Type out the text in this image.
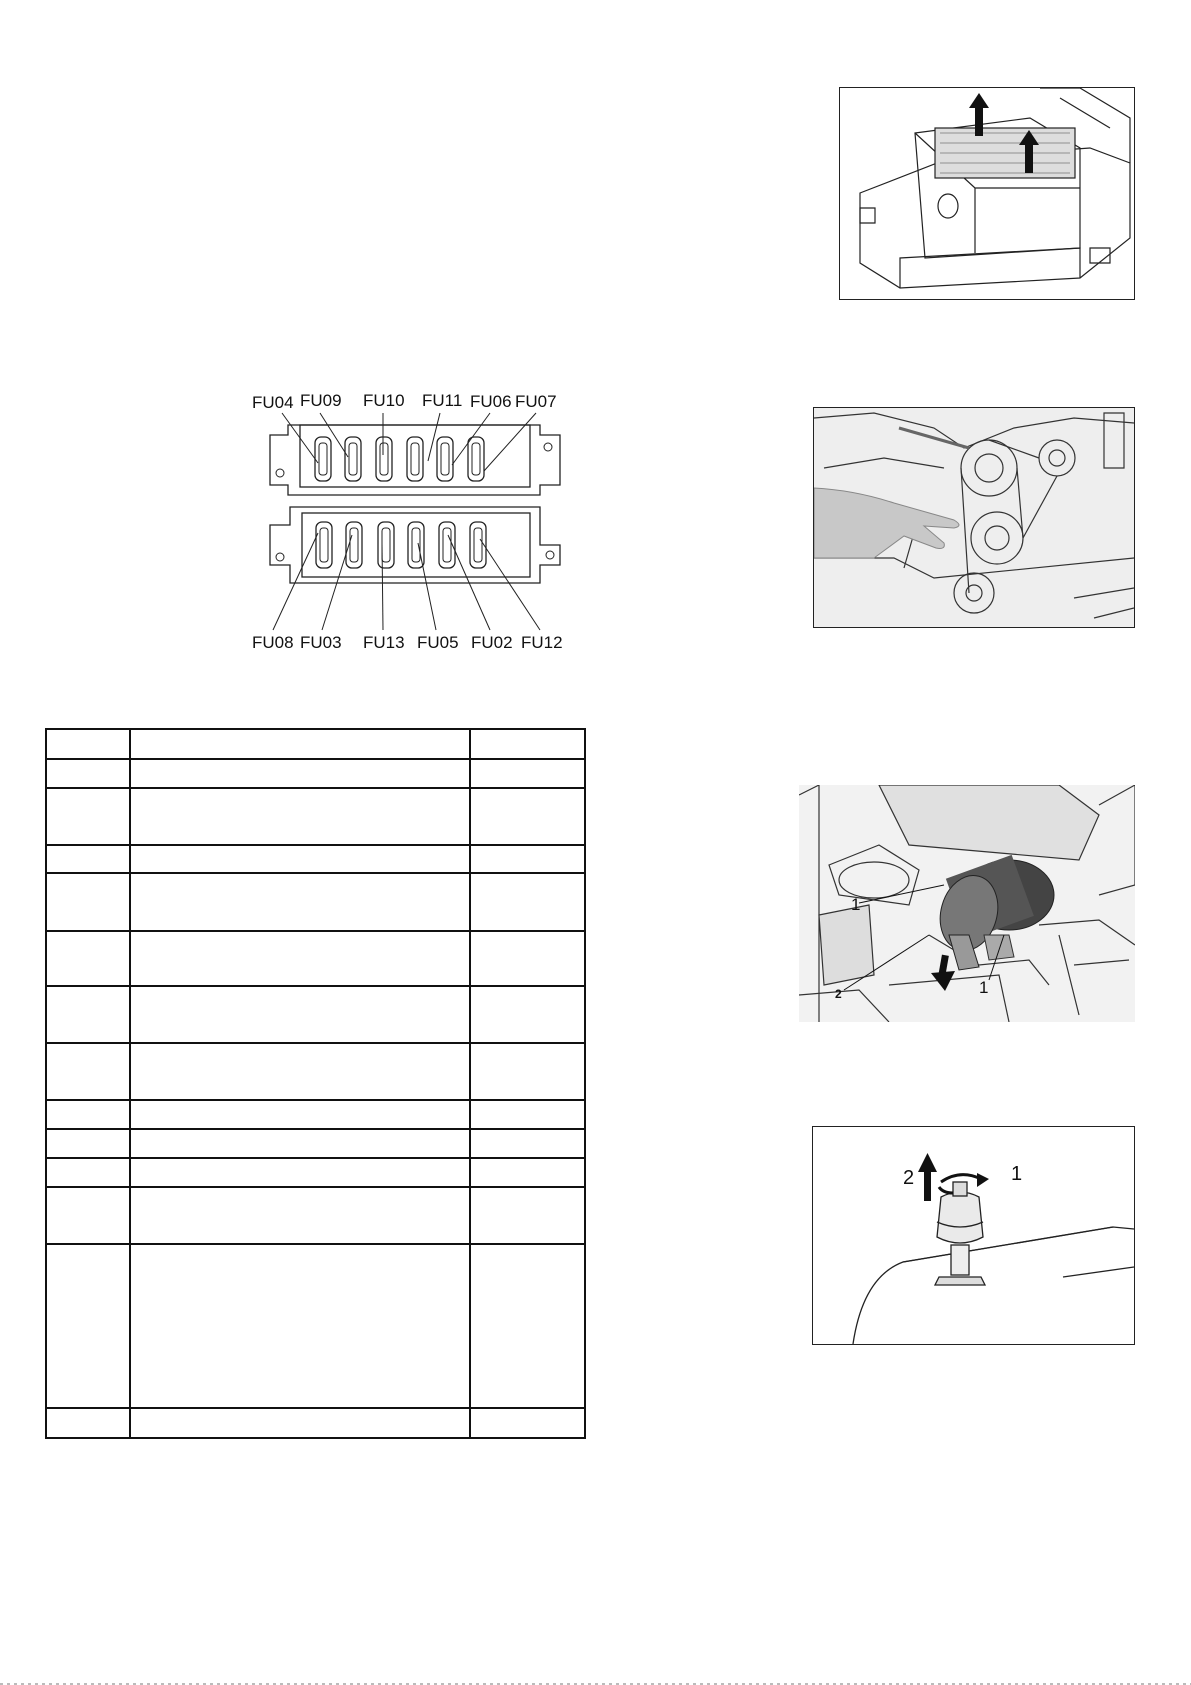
FU04 FU09 FU10 FU11 FU06 FU07
FU08 FU03 FU13 FU05 FU02 FU12

1
1
2
2	1
